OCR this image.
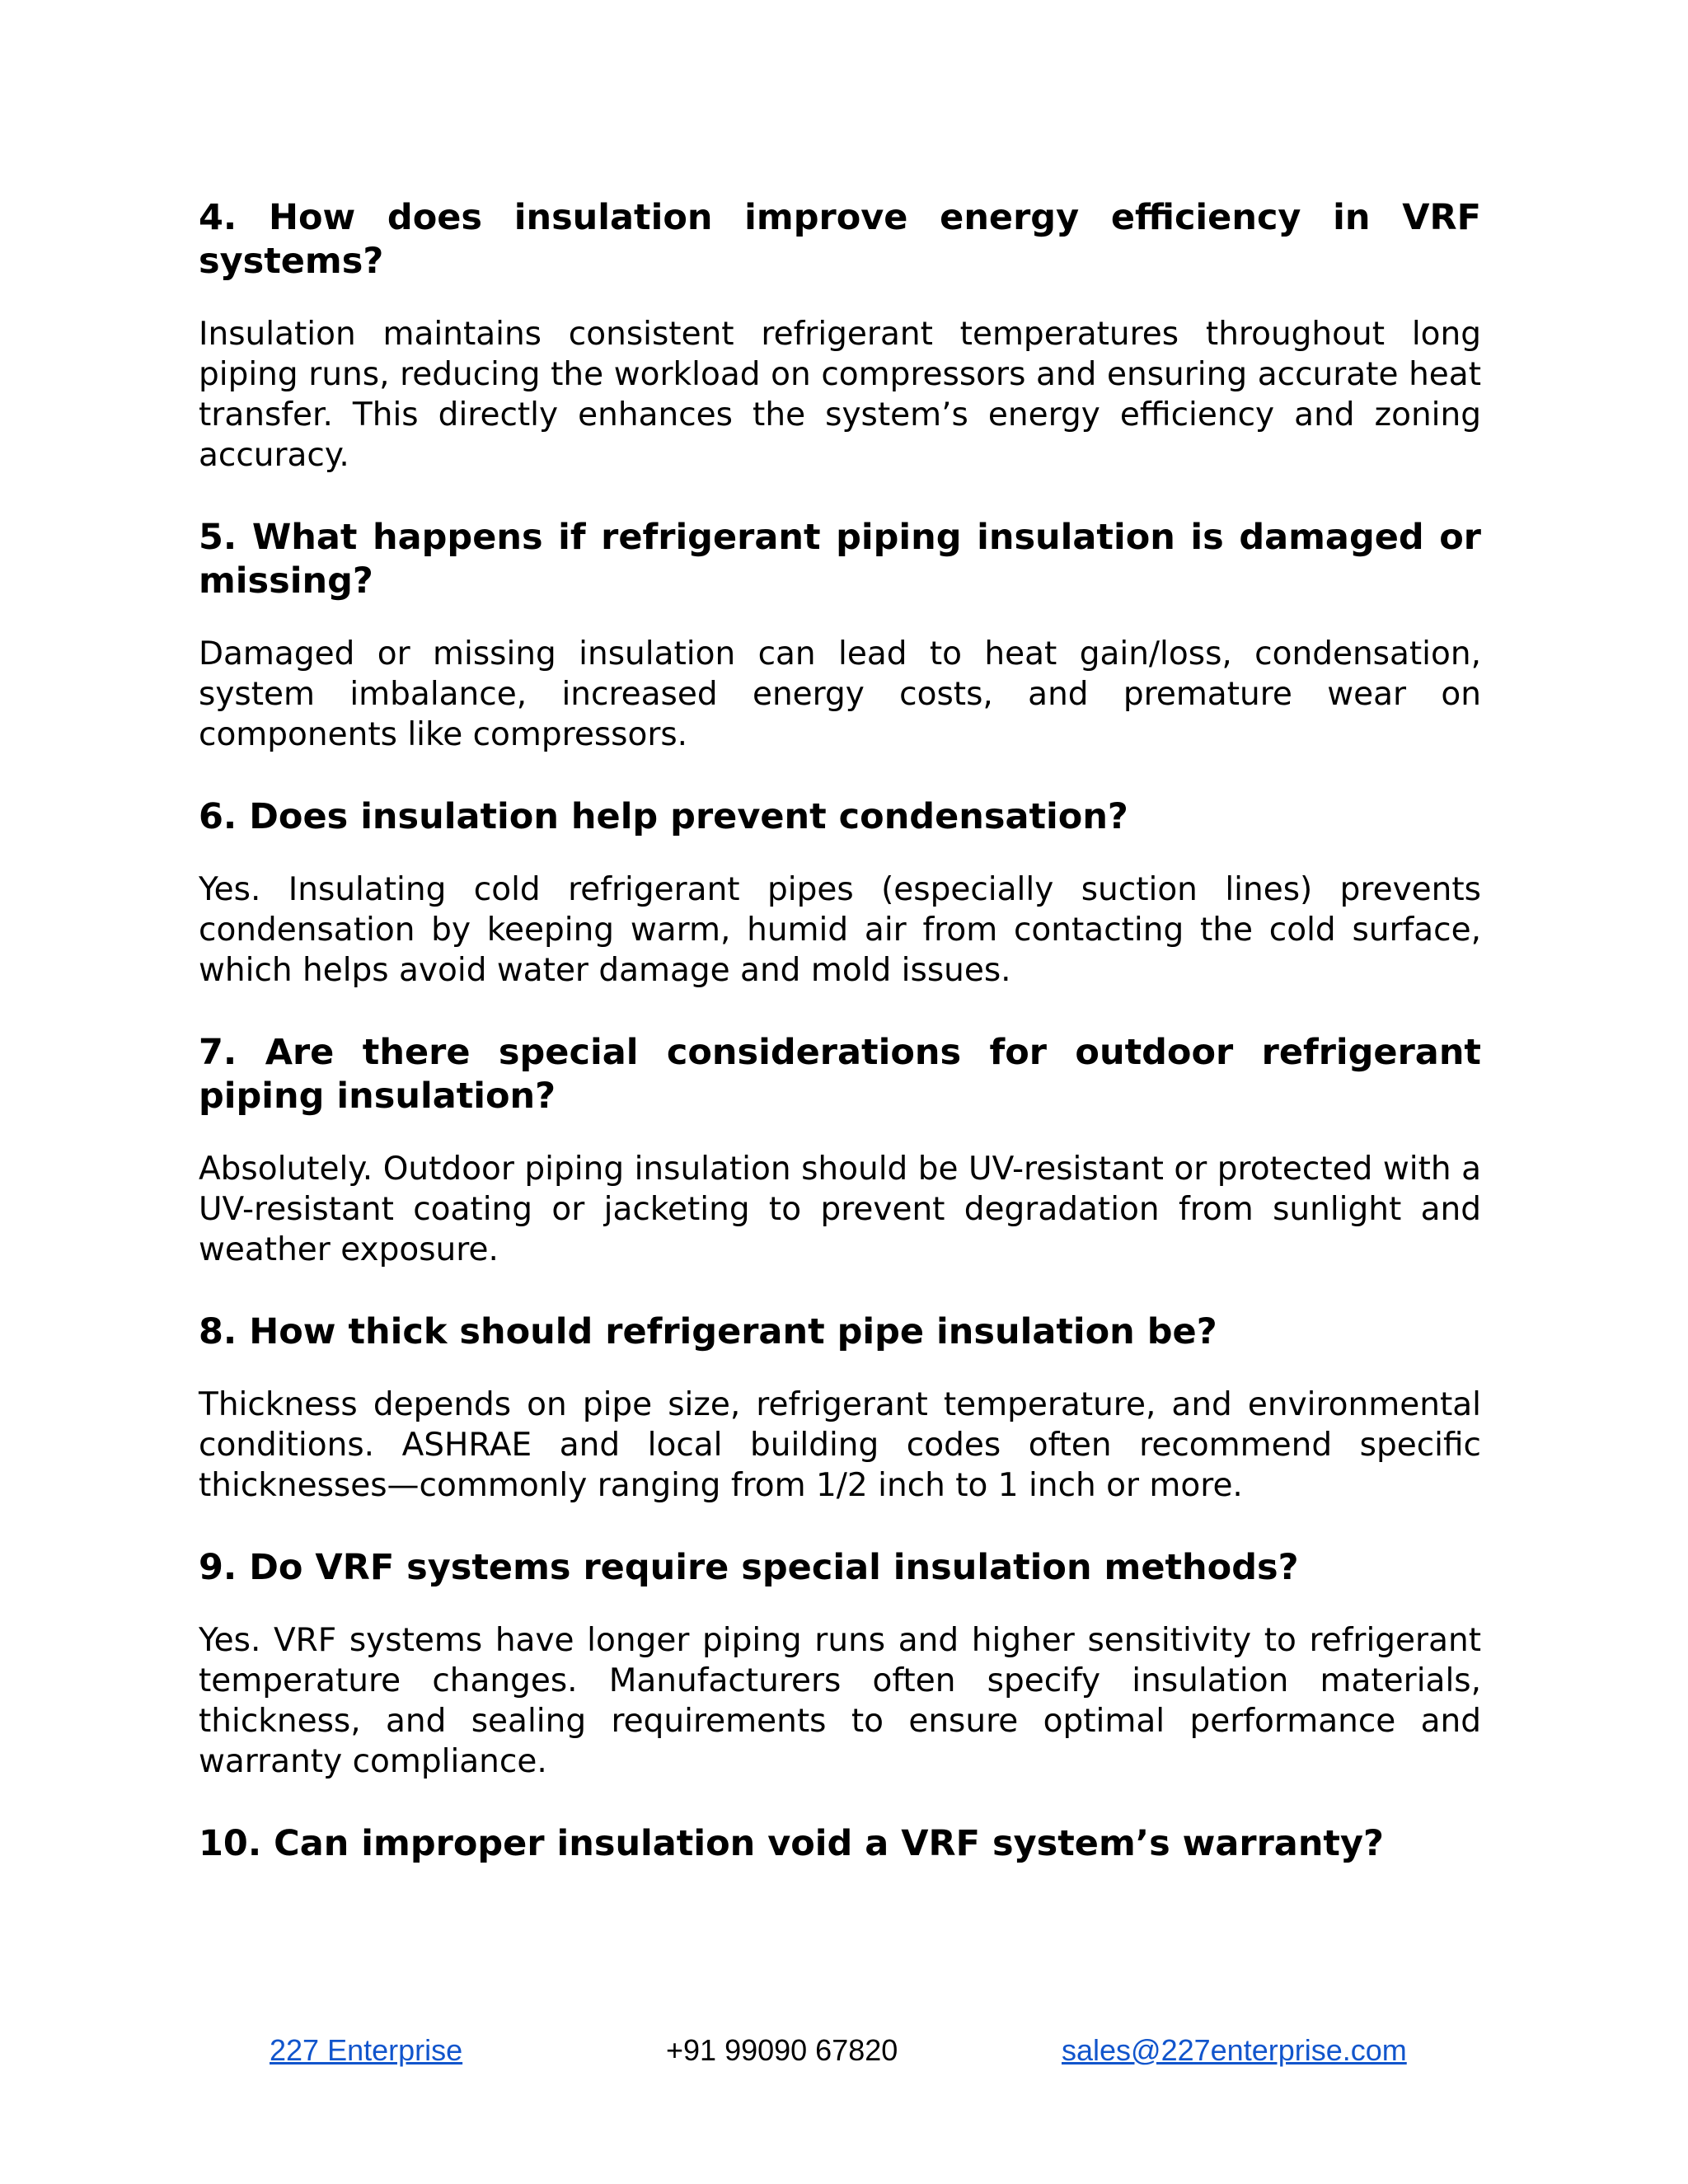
4. How does insulation improve energy efficiency in VRF systems?

Insulation maintains consistent refrigerant temperatures throughout long piping runs, reducing the workload on compressors and ensuring accurate heat transfer. This directly enhances the system’s energy efficiency and zoning accuracy.

5. What happens if refrigerant piping insulation is damaged or missing?

Damaged or missing insulation can lead to heat gain/loss, condensation, system imbalance, increased energy costs, and premature wear on components like compressors.

6. Does insulation help prevent condensation?

Yes. Insulating cold refrigerant pipes (especially suction lines) prevents condensation by keeping warm, humid air from contacting the cold surface, which helps avoid water damage and mold issues.

7. Are there special considerations for outdoor refrigerant piping insulation?

Absolutely. Outdoor piping insulation should be UV-resistant or protected with a UV-resistant coating or jacketing to prevent degradation from sunlight and weather exposure.

8. How thick should refrigerant pipe insulation be?

Thickness depends on pipe size, refrigerant temperature, and environmental conditions. ASHRAE and local building codes often recommend specific thicknesses—commonly ranging from 1/2 inch to 1 inch or more.

9. Do VRF systems require special insulation methods?

Yes. VRF systems have longer piping runs and higher sensitivity to refrigerant temperature changes. Manufacturers often specify insulation materials, thickness, and sealing requirements to ensure optimal performance and warranty compliance.

10. Can improper insulation void a VRF system’s warranty?
227 Enterprise	+91 99090 67820	sales@227enterprise.com
